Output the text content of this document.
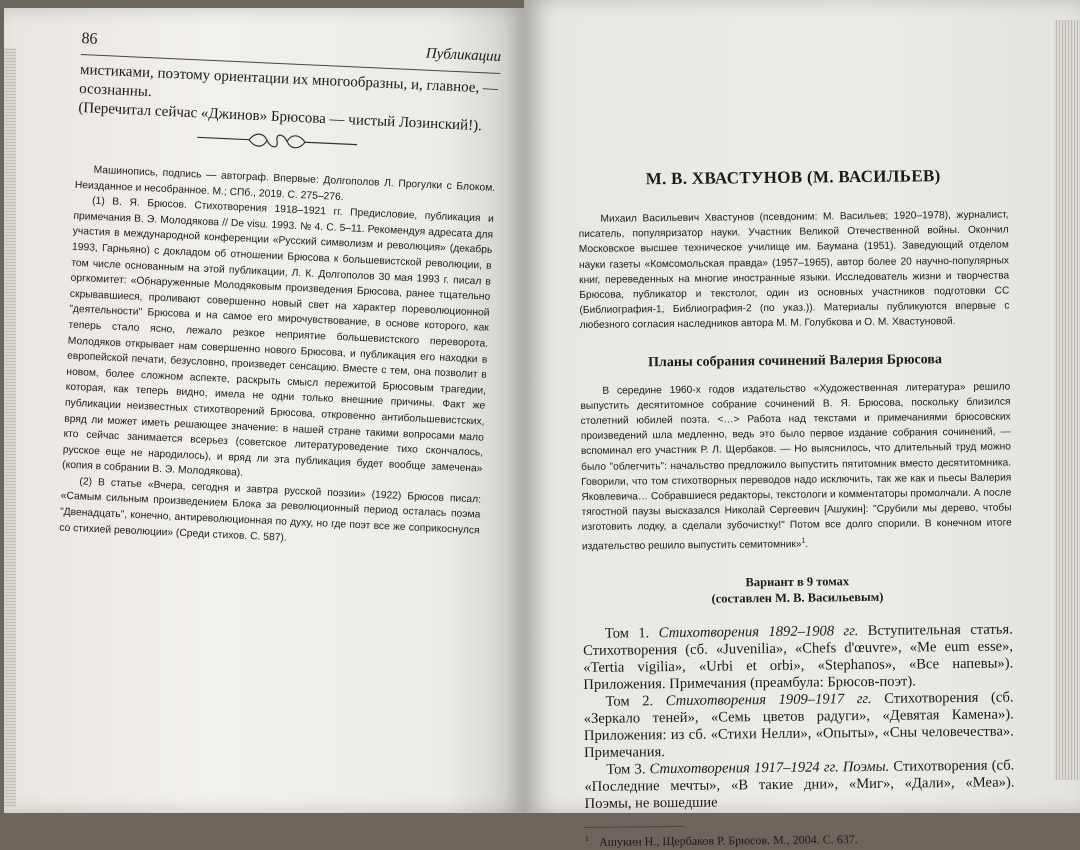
86
Публикации
мистиками, поэтому ориентации их многообразны, и, главное, — осознанны.
(Перечитал сейчас «Джинов» Брюсова — чистый Лозинский!).

Машинопись, подпись — автограф. Впервые: Долгополов Л. Прогулки с Блоком. Неизданное и несобранное. М.; СПб., 2019. С. 275–276.

(1) В. Я. Брюсов. Стихотворения 1918–1921 гг. Предисловие, публикация и примечания В. Э. Молодякова // De visu. 1993. № 4. С. 5–11. Рекомендуя адресата для участия в международной конференции «Русский символизм и революция» (декабрь 1993, Гарньяно) с докладом об отношении Брюсова к большевистской революции, в том числе основанным на этой публикации, Л. К. Долгополов 30 мая 1993 г. писал в оргкомитет: «Обнаруженные Молодяковым произведения Брюсова, ранее тщательно скрывавшиеся, проливают совершенно новый свет на характер пореволюционной "деятельности" Брюсова и на самое его мирочувствование, в основе которого, как теперь стало ясно, лежало резкое неприятие большевистского переворота. Молодяков открывает нам совершенно нового Брюсова, и публикация его находки в европейской печати, безусловно, произведет сенсацию. Вместе с тем, она позволит в новом, более сложном аспекте, раскрыть смысл пережитой Брюсовым трагедии, которая, как теперь видно, имела не одни только внешние причины. Факт же публикации неизвестных стихотворений Брюсова, откровенно антибольшевистских, вряд ли может иметь решающее значение: в нашей стране такими вопросами мало кто сейчас занимается всерьез (советское литературоведение тихо скончалось, русское еще не народилось), и вряд ли эта публикация будет вообще замечена» (копия в собрании В. Э. Молодякова).

(2) В статье «Вчера, сегодня и завтра русской поэзии» (1922) Брюсов писал: «Самым сильным произведением Блока за революционный период осталась поэма "Двенадцать", конечно, антиреволюционная по духу, но где поэт все же соприкоснулся со стихией революции» (Среди стихов. С. 587).

М. В. ХВАСТУНОВ (М. ВАСИЛЬЕВ)

Михаил Васильевич Хвастунов (псевдоним: М. Васильев; 1920–1978), журналист, писатель, популяризатор науки. Участник Великой Отечественной войны. Окончил Московское высшее техническое училище им. Баумана (1951). Заведующий отделом науки газеты «Комсомольская правда» (1957–1965), автор более 20 научно-популярных книг, переведенных на многие иностранные языки. Исследователь жизни и творчества Брюсова, публикатор и текстолог, один из основных участников подготовки СС (Библиография-1, Библиография-2 (по указ.)). Материалы публикуются впервые с любезного согласия наследников автора М. М. Голубкова и О. М. Хвастуновой.

Планы собрания сочинений Валерия Брюсова

В середине 1960-х годов издательство «Художественная литература» решило выпустить десятитомное собрание сочинений В. Я. Брюсова, поскольку близился столетний юбилей поэта. <…> Работа над текстами и примечаниями брюсовских произведений шла медленно, ведь это было первое издание собрания сочинений, — вспоминал его участник Р. Л. Щербаков. — Но выяснилось, что длительный труд можно было "облегчить": начальство предложило выпустить пятитомник вместо десятитомника. Говорили, что том стихотворных переводов надо исключить, так же как и пьесы Валерия Яковлевича… Собравшиеся редакторы, текстологи и комментаторы промолчали. А после тягостной паузы высказался Николай Сергеевич [Ашукин]: "Срубили мы дерево, чтобы изготовить лодку, а сделали зубочистку!" Потом все долго спорили. В конечном итоге издательство решило выпустить семитомник»$^1$.

Вариант в 9 томах
(составлен М. В. Васильевым)

Том 1. Стихотворения 1892–1908 гг. Вступительная статья. Стихотворения (сб. «Juvenilia», «Chefs d'œuvre», «Me eum esse», «Tertia vigilia», «Urbi et orbi», «Stephanos», «Все напевы»). Приложения. Примечания (преамбула: Брюсов-поэт).

Том 2. Стихотворения 1909–1917 гг. Стихотворения (сб. «Зеркало теней», «Семь цветов радуги», «Девятая Камена»). Приложения: из сб. «Стихи Нелли», «Опыты», «Сны человечества». Примечания.

Том 3. Стихотворения 1917–1924 гг. Поэмы. Стихотворения (сб. «Последние мечты», «В такие дни», «Миг», «Дали», «Меа»). Поэмы, не вошедшие

$^1$ Ашукин Н., Щербаков Р. Брюсов. М., 2004. С. 637.
